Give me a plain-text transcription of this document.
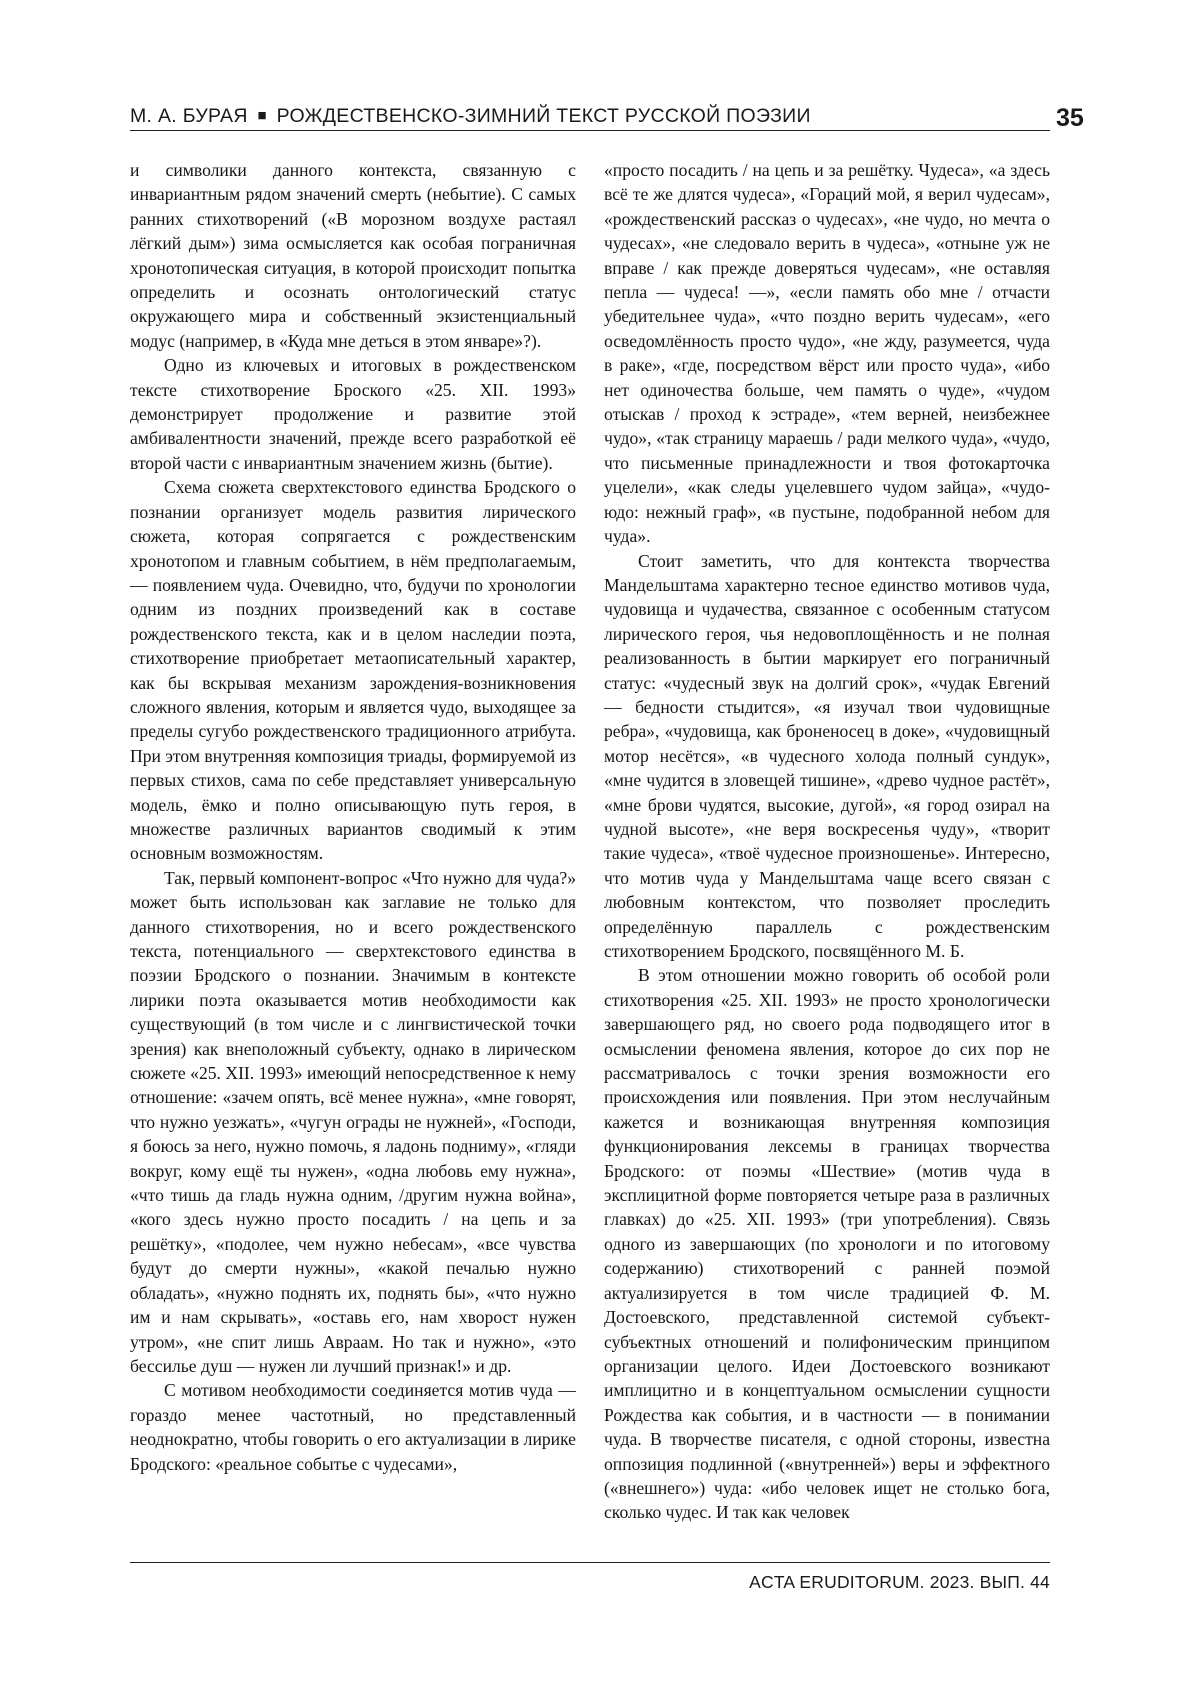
М. А. БУРАЯ ■ РОЖДЕСТВЕНСКО-ЗИМНИЙ ТЕКСТ РУССКОЙ ПОЭЗИИ	35

и символики данного контекста, связанную с инвариантным рядом значений смерть (небытие). С самых ранних стихотворений («В морозном воздухе растаял лёгкий дым») зима осмысляется как особая пограничная хронотопическая ситуация, в которой происходит попытка определить и осознать онтологический статус окружающего мира и собственный экзистенциальный модус (например, в «Куда мне деться в этом январе»?).

Одно из ключевых и итоговых в рождественском тексте стихотворение Броского «25. XII. 1993» демонстрирует продолжение и развитие этой амбивалентности значений, прежде всего разработкой её второй части с инвариантным значением жизнь (бытие).

Схема сюжета сверхтекстового единства Бродского о познании организует модель развития лирического сюжета, которая сопрягается с рождественским хронотопом и главным событием, в нём предполагаемым, — появлением чуда. Очевидно, что, будучи по хронологии одним из поздних произведений как в составе рождественского текста, как и в целом наследии поэта, стихотворение приобретает метаописательный характер, как бы вскрывая механизм зарождения-возникновения сложного явления, которым и является чудо, выходящее за пределы сугубо рождественского традиционного атрибута. При этом внутренняя композиция триады, формируемой из первых стихов, сама по себе представляет универсальную модель, ёмко и полно описывающую путь героя, в множестве различных вариантов сводимый к этим основным возможностям.

Так, первый компонент-вопрос «Что нужно для чуда?» может быть использован как заглавие не только для данного стихотворения, но и всего рождественского текста, потенциального — сверхтекстового единства в поэзии Бродского о познании. Значимым в контексте лирики поэта оказывается мотив необходимости как существующий (в том числе и с лингвистической точки зрения) как внеположный субъекту, однако в лирическом сюжете «25. XII. 1993» имеющий непосредственное к нему отношение: «зачем опять, всё менее нужна», «мне говорят, что нужно уезжать», «чугун ограды не нужней», «Господи, я боюсь за него, нужно помочь, я ладонь подниму», «гляди вокруг, кому ещё ты нужен», «одна любовь ему нужна», «что тишь да гладь нужна одним, /другим нужна война», «кого здесь нужно просто посадить / на цепь и за решётку», «подолее, чем нужно небесам», «все чувства будут до смерти нужны», «какой печалью нужно обладать», «нужно поднять их, поднять бы», «что нужно им и нам скрывать», «оставь его, нам хворост нужен утром», «не спит лишь Авраам. Но так и нужно», «это бессилье душ — нужен ли лучший признак!» и др.

С мотивом необходимости соединяется мотив чуда — гораздо менее частотный, но представленный неоднократно, чтобы говорить о его актуализации в лирике Бродского: «реальное событье с чудесами»,

«просто посадить / на цепь и за решётку. Чудеса», «а здесь всё те же длятся чудеса», «Гораций мой, я верил чудесам», «рождественский рассказ о чудесах», «не чудо, но мечта о чудесах», «не следовало верить в чудеса», «отныне уж не вправе / как прежде доверяться чудесам», «не оставляя пепла — чудеса! —», «если память обо мне / отчасти убедительнее чуда», «что поздно верить чудесам», «его осведомлённость просто чудо», «не жду, разумеется, чуда в раке», «где, посредством вёрст или просто чуда», «ибо нет одиночества больше, чем память о чуде», «чудом отыскав / проход к эстраде», «тем верней, неизбежнее чудо», «так страницу мараешь / ради мелкого чуда», «чудо, что письменные принадлежности и твоя фотокарточка уцелели», «как следы уцелевшего чудом зайца», «чудо-юдо: нежный граф», «в пустыне, подобранной небом для чуда».

Стоит заметить, что для контекста творчества Мандельштама характерно тесное единство мотивов чуда, чудовища и чудачества, связанное с особенным статусом лирического героя, чья недовоплощённость и не полная реализованность в бытии маркирует его пограничный статус: «чудесный звук на долгий срок», «чудак Евгений — бедности стыдится», «я изучал твои чудовищные ребра», «чудовища, как броненосец в доке», «чудовищный мотор несётся», «в чудесного холода полный сундук», «мне чудится в зловещей тишине», «древо чудное растёт», «мне брови чудятся, высокие, дугой», «я город озирал на чудной высоте», «не веря воскресенья чуду», «творит такие чудеса», «твоё чудесное произношенье». Интересно, что мотив чуда у Мандельштама чаще всего связан с любовным контекстом, что позволяет проследить определённую параллель с рождественским стихотворением Бродского, посвящённого М. Б.

В этом отношении можно говорить об особой роли стихотворения «25. XII. 1993» не просто хронологически завершающего ряд, но своего рода подводящего итог в осмыслении феномена явления, которое до сих пор не рассматривалось с точки зрения возможности его происхождения или появления. При этом неслучайным кажется и возникающая внутренняя композиция функционирования лексемы в границах творчества Бродского: от поэмы «Шествие» (мотив чуда в эксплицитной форме повторяется четыре раза в различных главках) до «25. XII. 1993» (три употребления). Связь одного из завершающих (по хронологи и по итоговому содержанию) стихотворений с ранней поэмой актуализируется в том числе традицией Ф. М. Достоевского, представленной системой субъект-субъектных отношений и полифоническим принципом организации целого. Идеи Достоевского возникают имплицитно и в концептуальном осмыслении сущности Рождества как события, и в частности — в понимании чуда. В творчестве писателя, с одной стороны, известна оппозиция подлинной («внутренней») веры и эффектного («внешнего») чуда: «ибо человек ищет не столько бога, сколько чудес. И так как человек

ACTA ERUDITORUM. 2023. ВЫП. 44
